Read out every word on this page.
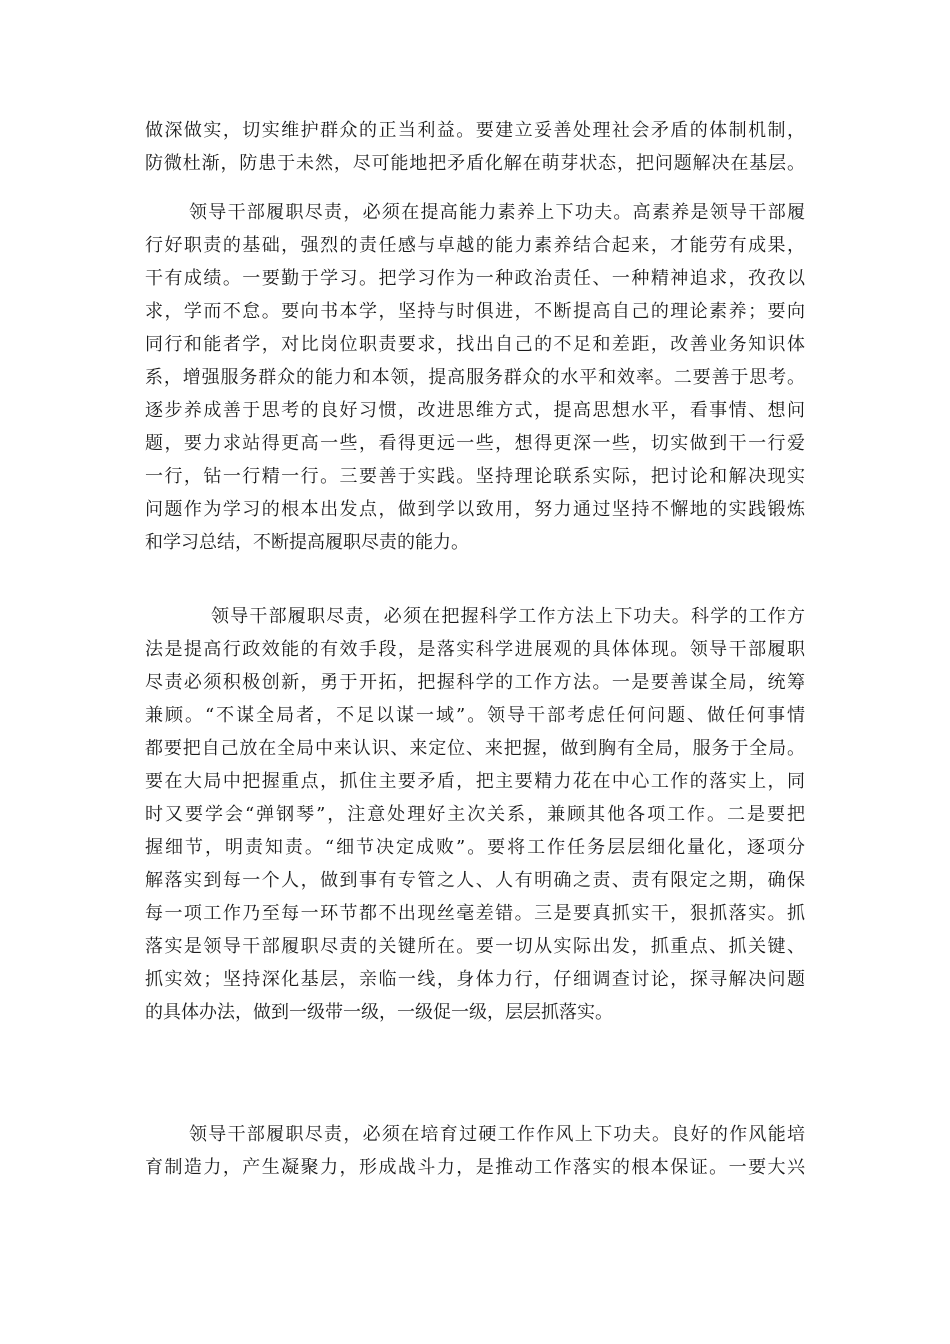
做深做实，切实维护群众的正当利益。要建立妥善处理社会矛盾的体制机制，
防微杜渐，防患于未然，尽可能地把矛盾化解在萌芽状态，把问题解决在基层。
领导干部履职尽责，必须在提高能力素养上下功夫。高素养是领导干部履
行好职责的基础，强烈的责任感与卓越的能力素养结合起来，才能劳有成果，
干有成绩。一要勤于学习。把学习作为一种政治责任、一种精神追求，孜孜以
求，学而不怠。要向书本学，坚持与时俱进，不断提高自己的理论素养；要向
同行和能者学，对比岗位职责要求，找出自己的不足和差距，改善业务知识体
系，增强服务群众的能力和本领，提高服务群众的水平和效率。二要善于思考。
逐步养成善于思考的良好习惯，改进思维方式，提高思想水平，看事情、想问
题，要力求站得更高一些，看得更远一些，想得更深一些，切实做到干一行爱
一行，钻一行精一行。三要善于实践。坚持理论联系实际，把讨论和解决现实
问题作为学习的根本出发点，做到学以致用，努力通过坚持不懈地的实践锻炼
和学习总结，不断提高履职尽责的能力。
领导干部履职尽责，必须在把握科学工作方法上下功夫。科学的工作方
法是提高行政效能的有效手段，是落实科学进展观的具体体现。领导干部履职
尽责必须积极创新，勇于开拓，把握科学的工作方法。一是要善谋全局，统筹
兼顾。“不谋全局者，不足以谋一域”。领导干部考虑任何问题、做任何事情
都要把自己放在全局中来认识、来定位、来把握，做到胸有全局，服务于全局。
要在大局中把握重点，抓住主要矛盾，把主要精力花在中心工作的落实上，同
时又要学会“弹钢琴”，注意处理好主次关系，兼顾其他各项工作。二是要把
握细节，明责知责。“细节决定成败”。要将工作任务层层细化量化，逐项分
解落实到每一个人，做到事有专管之人、人有明确之责、责有限定之期，确保
每一项工作乃至每一环节都不出现丝毫差错。三是要真抓实干，狠抓落实。抓
落实是领导干部履职尽责的关键所在。要一切从实际出发，抓重点、抓关键、
抓实效；坚持深化基层，亲临一线，身体力行，仔细调查讨论，探寻解决问题
的具体办法，做到一级带一级，一级促一级，层层抓落实。
领导干部履职尽责，必须在培育过硬工作作风上下功夫。良好的作风能培
育制造力，产生凝聚力，形成战斗力，是推动工作落实的根本保证。一要大兴
